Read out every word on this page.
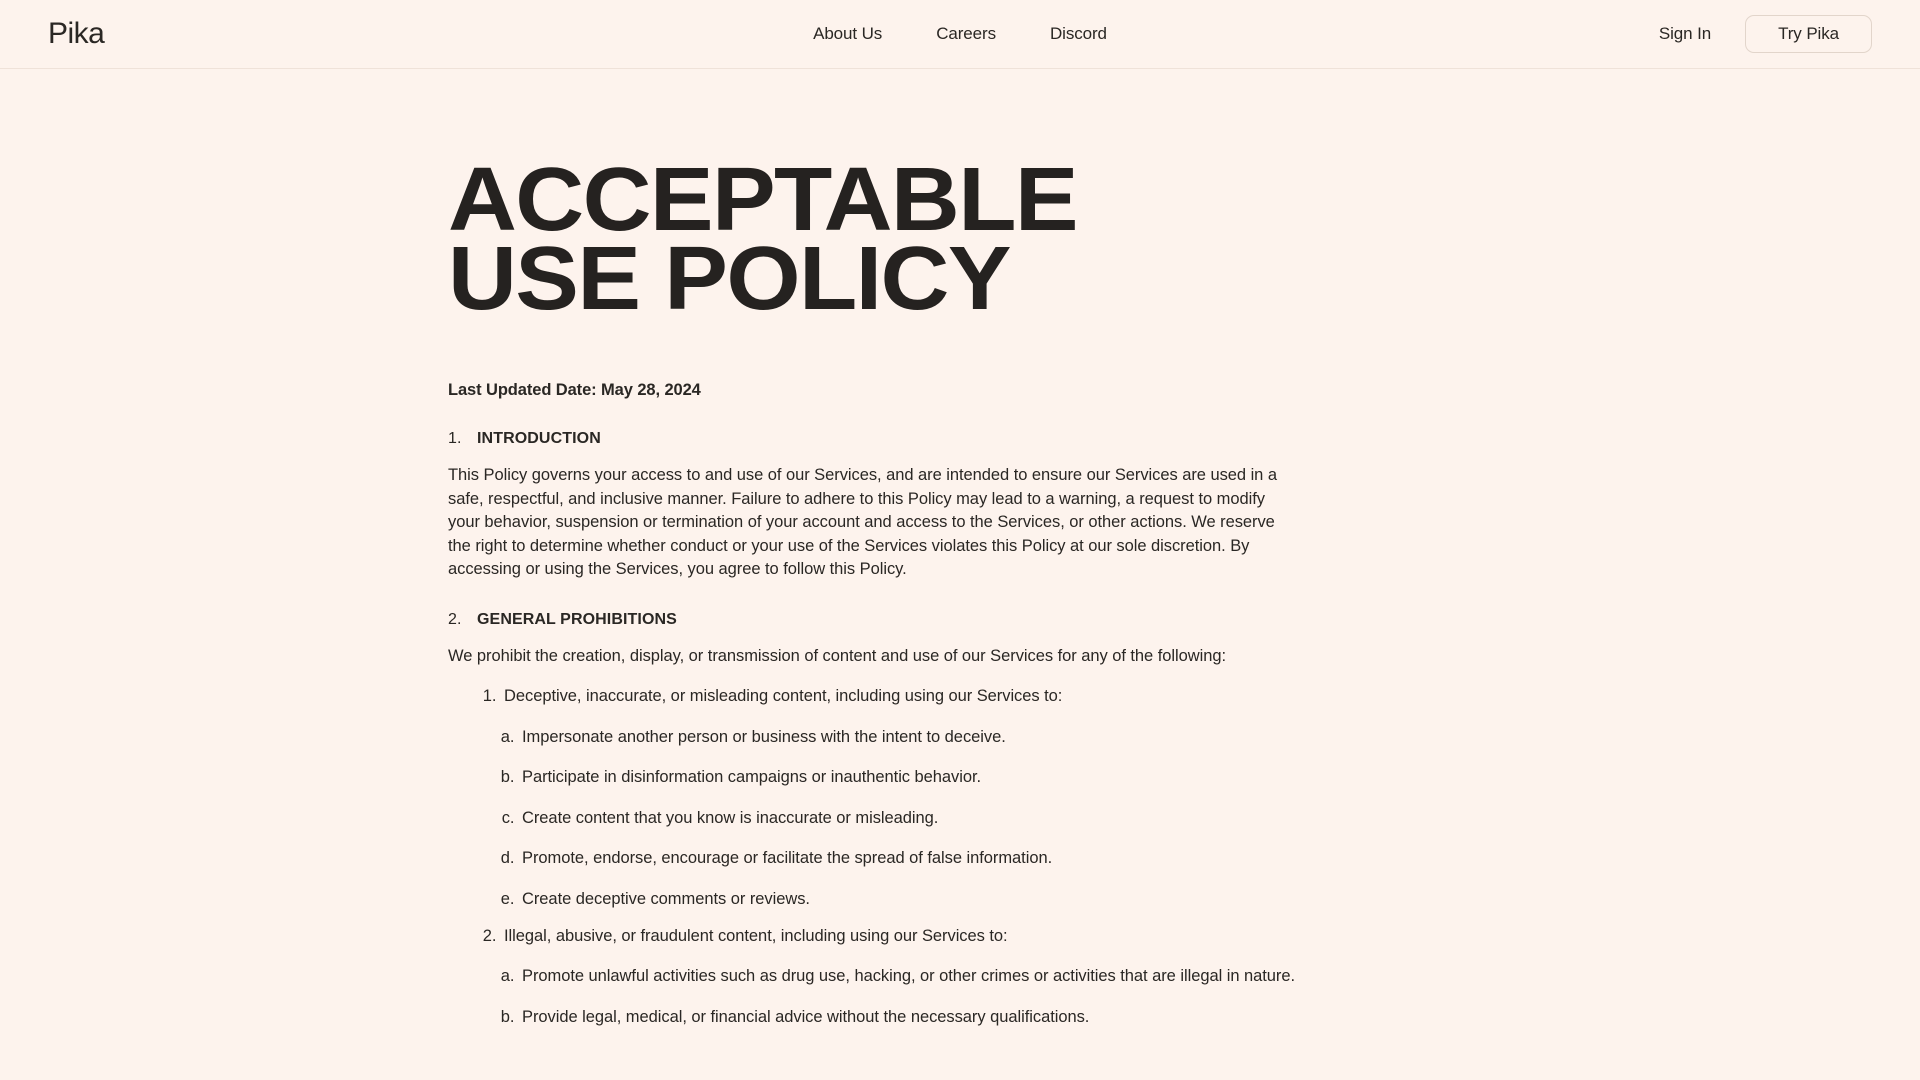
Pika	About Us	Careers	Discord	Sign In	Try Pika
ACCEPTABLE USE POLICY
Last Updated Date: May 28, 2024
1. INTRODUCTION

This Policy governs your access to and use of our Services, and are intended to ensure our Services are used in a safe, respectful, and inclusive manner. Failure to adhere to this Policy may lead to a warning, a request to modify your behavior, suspension or termination of your account and access to the Services, or other actions. We reserve the right to determine whether conduct or your use of the Services violates this Policy at our sole discretion. By accessing or using the Services, you agree to follow this Policy.

2. GENERAL PROHIBITIONS

We prohibit the creation, display, or transmission of content and use of our Services for any of the following:

1. Deceptive, inaccurate, or misleading content, including using our Services to:
a. Impersonate another person or business with the intent to deceive.
b. Participate in disinformation campaigns or inauthentic behavior.
c. Create content that you know is inaccurate or misleading.
d. Promote, endorse, encourage or facilitate the spread of false information.
e. Create deceptive comments or reviews.
2. Illegal, abusive, or fraudulent content, including using our Services to:
a. Promote unlawful activities such as drug use, hacking, or other crimes or activities that are illegal in nature.
b. Provide legal, medical, or financial advice without the necessary qualifications.
